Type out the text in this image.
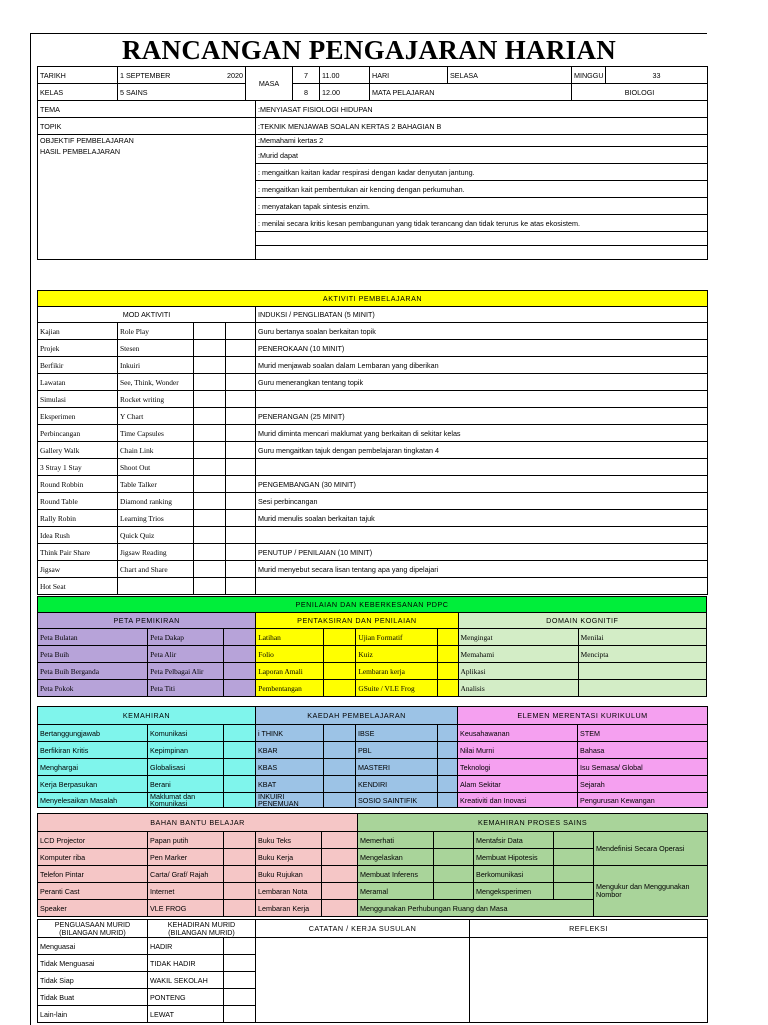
RANCANGAN PENGAJARAN HARIAN
TARIKH	1 SEPTEMBER 2020	MASA	7	11.00	HARI	SELASA	MINGGU	33
KELAS	5 SAINS		8	12.00	MATA PELAJARAN		BIOLOGI	
TEMA	:MENYIASAT FISIOLOGI HIDUPAN
TOPIK	:TEKNIK MENJAWAB SOALAN KERTAS 2 BAHAGIAN B
OBJEKTIF PEMBELAJARAN	:Memahami kertas 2
HASIL PEMBELAJARAN	:Murid dapat
	: mengaitkan kaitan kadar respirasi dengan kadar denyutan jantung.
	: mengaitkan kait pembentukan air kencing dengan perkumuhan.
	: menyatakan tapak sintesis enzim.
	: menilai secara kritis kesan pembangunan yang tidak terancang dan tidak terurus ke atas ekosistem.

AKTIVITI PEMBELAJARAN				
MOD AKTIVITI				INDUKSI / PENGLIBATAN (5 MINIT)
Kajian	Role Play			Guru bertanya soalan berkaitan topik
Projek	Stesen			PENEROKAAN (10 MINIT)
Berfikir	Inkuiri			Murid menjawab soalan dalam Lembaran yang diberikan
Lawatan	See, Think, Wonder			Guru menerangkan tentang topik
Simulasi	Rocket writing			
Eksperimen	Y Chart			PENERANGAN (25 MINIT)
Perbincangan	Time Capsules			Murid diminta mencari maklumat yang berkaitan di sekitar kelas
Gallery Walk	Chain Link			Guru mengaitkan tajuk dengan pembelajaran tingkatan 4
3 Stray 1 Stay	Shoot Out			
Round Robbin	Table Talker			PENGEMBANGAN (30 MINIT)
Round Table	Diamond ranking			Sesi perbincangan
Rally Robin	Learning Trios			Murid menulis soalan berkaitan tajuk
Idea Rush	Quick Quiz			
Think Pair Share	Jigsaw Reading			PENUTUP / PENILAIAN (10 MINIT)
Jigsaw	Chart and Share			Murid menyebut secara lisan tentang apa yang dipelajari
Hot Seat				
PENILAIAN DAN KEBERKESANAN PDPC								
PETA PEMIKIRAN			PENTAKSIRAN DAN PENILAIAN				DOMAIN KOGNITIF	
Peta Bulatan	Peta Dakap		Latihan		Ujian Formatif		Mengingat	Menilai
Peta Buih	Peta Alir		Folio		Kuiz		Memahami	Mencipta
Peta Buih Berganda	Peta Pelbagai Alir		Laporan Amali		Lembaran kerja		Aplikasi	
Peta Pokok	Peta Titi		Pembentangan		GSuite / VLE Frog		Analisis	
KEMAHIRAN			KAEDAH PEMBELAJARAN				ELEMEN MERENTASI KURIKULUM	
Bertanggungjawab	Komunikasi		i THINK		IBSE		Keusahawanan	STEM
Berfikiran Kritis	Kepimpinan		KBAR		PBL		Nilai Murni	Bahasa
Menghargai	Globalisasi		KBAS		MASTERI		Teknologi	Isu Semasa/ Global
Kerja Berpasukan	Berani		KBAT		KENDIRI		Alam Sekitar	Sejarah
Menyelesaikan Masalah	Maklumat dan Komunikasi		INKUIRI PENEMUAN		SOSIO SAINTIFIK		Kreativiti dan Inovasi	Pengurusan Kewangan
BAHAN BANTU BELAJAR					KEMAHIRAN PROSES SAINS				
LCD Projector	Papan putih		Buku Teks		Memerhati		Mentafsir Data		Mendefinisi Secara Operasi
Komputer riba	Pen Marker		Buku Kerja		Mengelaskan		Membuat Hipotesis		
Telefon Pintar	Carta/ Graf/ Rajah		Buku Rujukan		Membuat Inferens		Berkomunikasi		Mengukur dan Menggunakan Nombor
Peranti Cast	Internet		Lembaran Nota		Meramal		Mengeksperimen		
Speaker	VLE FROG		Lembaran Kerja		Menggunakan Perhubungan Ruang dan Masa				
PENGUASAAN MURID
(BILANGAN MURID)	KEHADIRAN MURID
(BILANGAN MURID)		CATATAN / KERJA SUSULAN	REFLEKSI
Menguasai	HADIR			
Tidak Menguasai	TIDAK HADIR			
Tidak Siap	WAKIL SEKOLAH			
Tidak Buat	PONTENG			
Lain-lain	LEWAT			
